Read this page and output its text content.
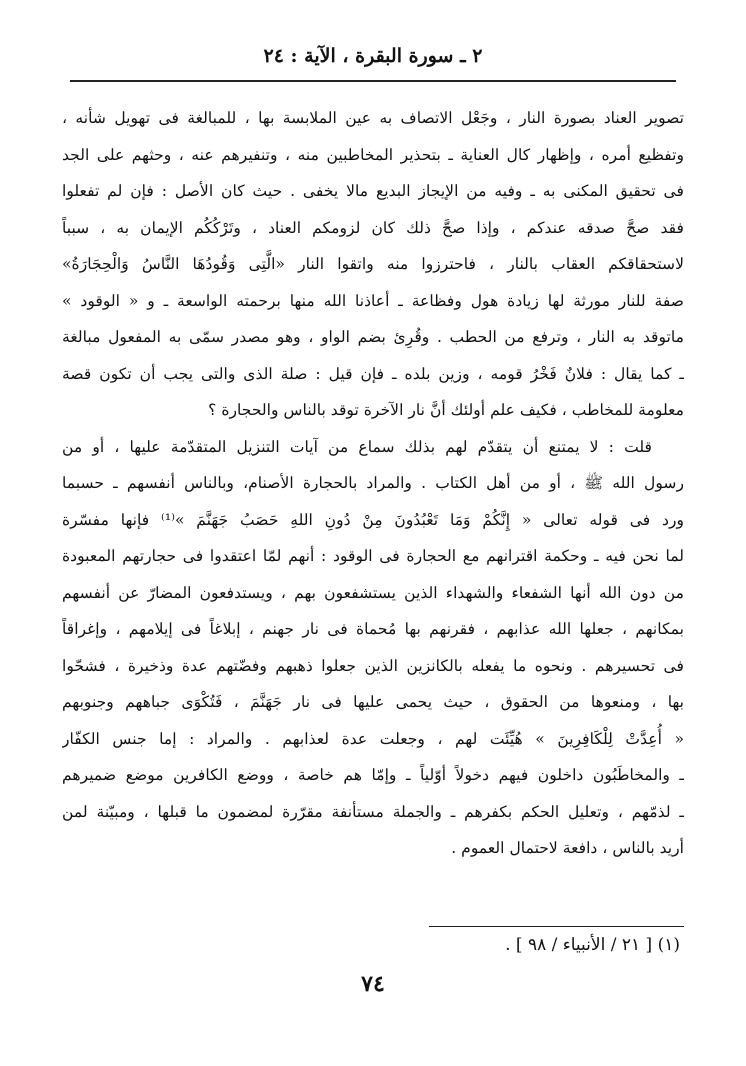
٢ ـ سورة البقرة ، الآية : ٢٤
تصوير العناد بصورة النار ، وجَعْل الاتصاف به عين الملابسة بها ، للمبالغة فى تهويل شأنه ،
وتفظيع أمره ، وإظهار كال العناية ـ بتحذير المخاطبين منه ، وتنفيرهم عنه ، وحثهم على الجد
فى تحقيق المكنى به ـ وفيه من الإيجاز البديع مالا يخفى . حيث كان الأصل : فإن لم تفعلوا
فقد صحَّ صدقه عندكم ، وإذا صحَّ ذلك كان لزومكم العناد ، وتَرْكُكُم الإيمان به ، سبباً
لاستحقاقكم العقاب بالنار ، فاحترزوا منه واتقوا النار «الَّتِى وَقُودُهَا النَّاسُ وَالْحِجَارَةُ»
صفة للنار مورثة لها زيادة هول وفظاعة ـ أعاذنا الله منها برحمته الواسعة ـ و « الوقود »
ماتوقد به النار ، وترفع من الحطب . وقُرِئ بضم الواو ، وهو مصدر سمّى به المفعول مبالغة
ـ كما يقال : فلانٌ فَخْرُ قومه ، وزين بلده ـ فإن قيل : صلة الذى والتى يجب أن تكون قصة
معلومة للمخاطب ، فكيف علم أولئك أنَّ نار الآخرة توقد بالناس والحجارة ؟
قلت : لا يمتنع أن يتقدّم لهم بذلك سماع من آيات التنزيل المتقدّمة عليها ، أو من
رسول الله ﷺ ، أو من أهل الكتاب . والمراد بالحجارة الأصنام، وبالناس أنفسهم ـ حسبما
ورد فى قوله تعالى « إِنَّكُمْ وَمَا تَعْبُدُونَ مِنْ دُونِ اللهِ حَصَبُ جَهَنَّمَ »⁽¹⁾ فإنها مفسّرة
لما نحن فيه ـ وحكمة اقترانهم مع الحجارة فى الوقود : أنهم لمّا اعتقدوا فى حجارتهم المعبودة
من دون الله أنها الشفعاء والشهداء الذين يستشفعون بهم ، ويستدفعون المضارّ عن أنفسهم
بمكانهم ، جعلها الله عذابهم ، فقرنهم بها مُحماة فى نار جهنم ، إبلاغاً فى إيلامهم ، وإغراقاً
فى تحسيرهم . ونحوه ما يفعله بالكانزين الذين جعلوا ذهبهم وفضّتهم عدة وذخيرة ، فشحّوا
بها ، ومنعوها من الحقوق ، حيث يحمى عليها فى نار جَهَنَّمَ ، فَتُكْوَى جباههم وجنوبهم
« أُعِدَّتْ لِلْكَافِرِينَ » هُيِّئَت لهم ، وجعلت عدة لعذابهم . والمراد : إما جنس الكفّار
ـ والمخاطَبُون داخلون فيهم دخولاً أوّلياً ـ وإمّا هم خاصة ، ووضع الكافرين موضع ضميرهم
ـ لذمّهم ، وتعليل الحكم بكفرهم ـ والجملة مستأنفة مقرّرة لمضمون ما قبلها ، ومبيّنة لمن
أريد بالناس ، دافعة لاحتمال العموم .
(١) [ ٢١ / الأنبياء / ٩٨ ] .
٧٤
